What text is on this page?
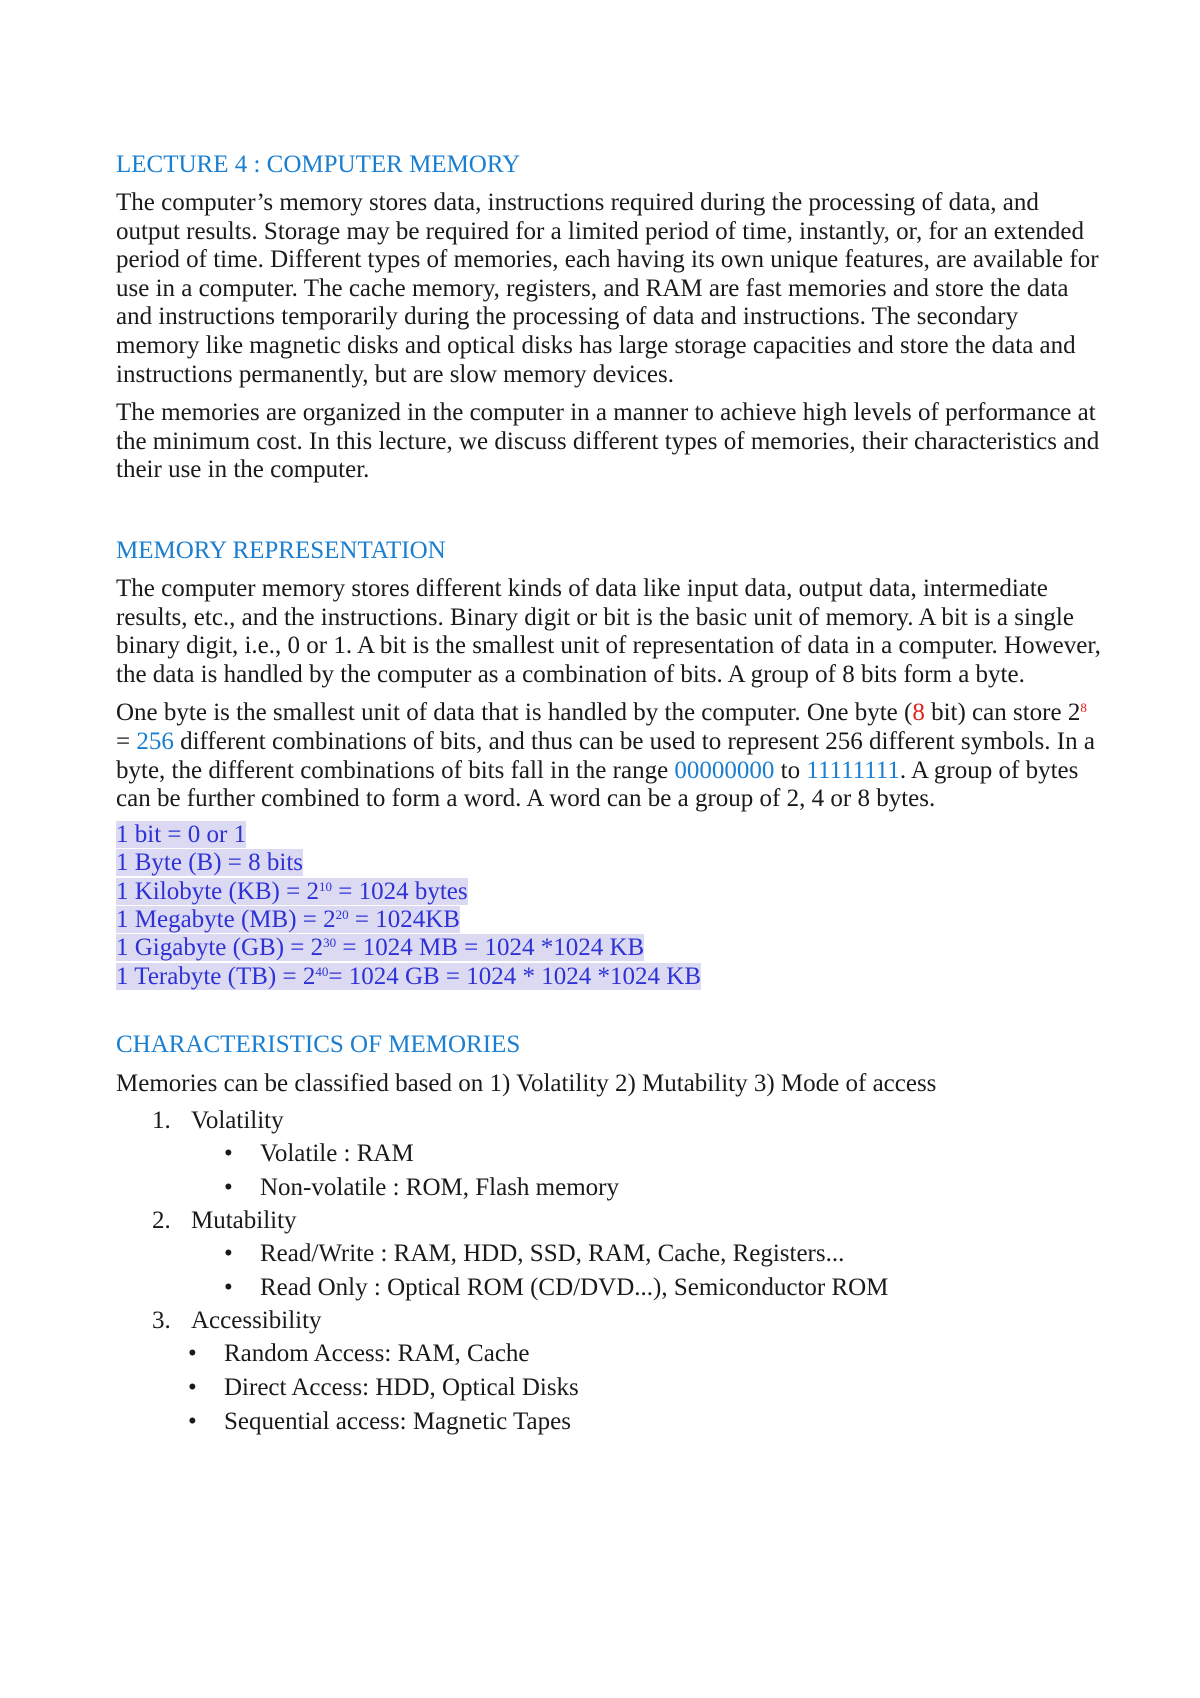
LECTURE 4 : COMPUTER MEMORY

The computer’s memory stores data, instructions required during the processing of data, and output results. Storage may be required for a limited period of time, instantly, or, for an extended period of time. Different types of memories, each having its own unique features, are available for use in a computer. The cache memory, registers, and RAM are fast memories and store the data and instructions temporarily during the processing of data and instructions. The secondary memory like magnetic disks and optical disks has large storage capacities and store the data and instructions permanently, but are slow memory devices.

The memories are organized in the computer in a manner to achieve high levels of performance at the minimum cost. In this lecture, we discuss different types of memories, their characteristics and their use in the computer.

MEMORY REPRESENTATION

The computer memory stores different kinds of data like input data, output data, intermediate results, etc., and the instructions. Binary digit or bit is the basic unit of memory. A bit is a single binary digit, i.e., 0 or 1. A bit is the smallest unit of representation of data in a computer. However, the data is handled by the computer as a combination of bits. A group of 8 bits form a byte.

One byte is the smallest unit of data that is handled by the computer. One byte (8 bit) can store $2^8 = 256$ different combinations of bits, and thus can be used to represent 256 different symbols. In a byte, the different combinations of bits fall in the range 00000000 to 11111111. A group of bytes can be further combined to form a word. A word can be a group of 2, 4 or 8 bytes.

1 bit = 0 or 1
1 Byte (B) = 8 bits
1 Kilobyte $(KB) = 2^{10} = 1024$ bytes
1 Megabyte $(MB) = 2^{20} = 1024KB$
1 Gigabyte $(GB) = 2^{30} = 1024$ MB = 1024 *1024 KB
1 Terabyte $(TB) = 2^{40}= 1024$ GB = 1024 * 1024 *1024 KB
CHARACTERISTICS OF MEMORIES

Memories can be classified based on 1) Volatility 2) Mutability 3) Mode of access

1. Volatility
•	Volatile : RAM
•	Non-volatile : ROM, Flash memory
2. Mutability
•	Read/Write : RAM, HDD, SSD, RAM, Cache, Registers...
•	Read Only : Optical ROM (CD/DVD...), Semiconductor ROM
3. Accessibility
•	Random Access: RAM, Cache
•	Direct Access: HDD, Optical Disks
•	Sequential access: Magnetic Tapes
